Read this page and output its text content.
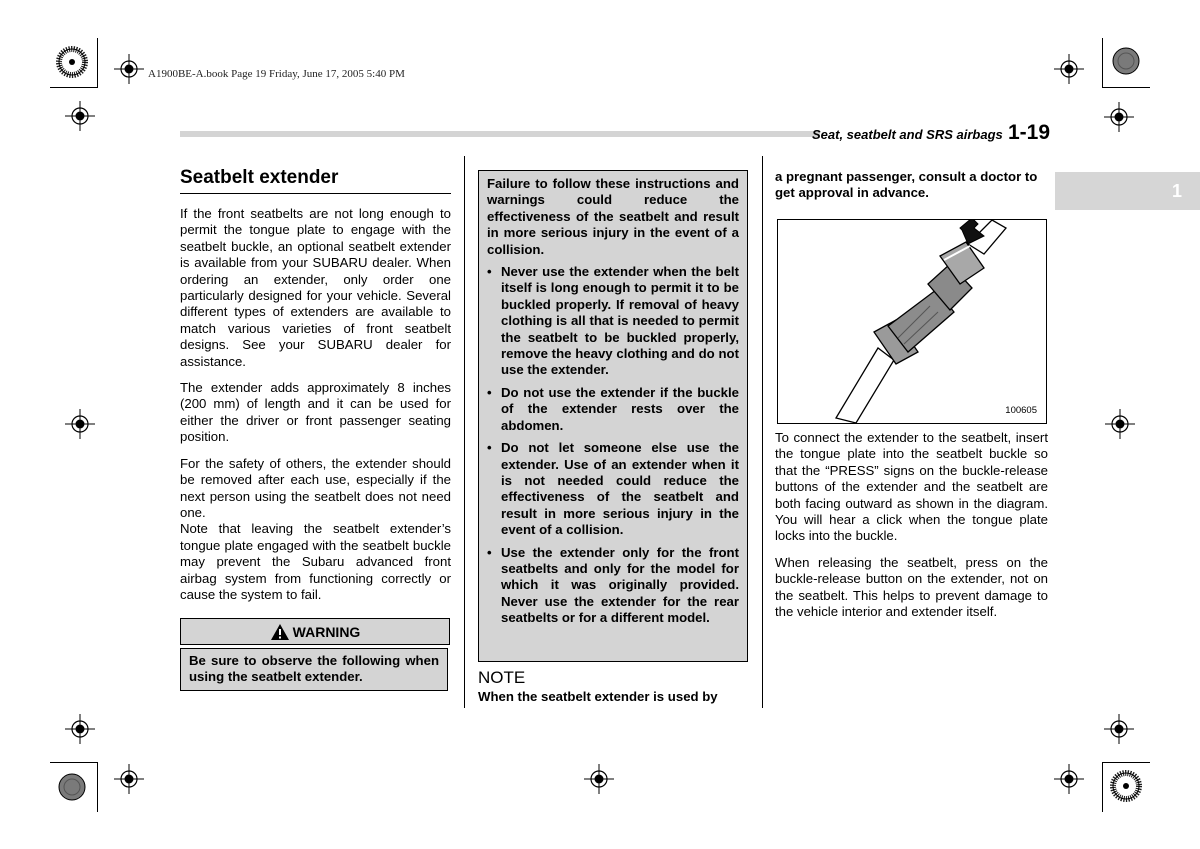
A1900BE-A.book Page 19 Friday, June 17, 2005 5:40 PM
Seat, seatbelt and SRS airbags 1-19
1
Seatbelt extender

If the front seatbelts are not long enough to permit the tongue plate to engage with the seatbelt buckle, an optional seatbelt extender is available from your SUBARU dealer. When ordering an extender, only order one particularly designed for your vehicle. Several different types of extenders are available to match various varieties of front seatbelt designs. See your SUBARU dealer for assistance.

The extender adds approximately 8 inches (200 mm) of length and it can be used for either the driver or front passenger seating position.

For the safety of others, the extender should be removed after each use, especially if the next person using the seatbelt does not need one.

Note that leaving the seatbelt extender’s tongue plate engaged with the seatbelt buckle may prevent the Subaru advanced front airbag system from functioning correctly or cause the system to fail.

WARNING
Be sure to observe the following when using the seatbelt extender.

Failure to follow these instructions and warnings could reduce the effectiveness of the seatbelt and result in more serious injury in the event of a collision.

• Never use the extender when the belt itself is long enough to permit it to be buckled properly. If removal of heavy clothing is all that is needed to permit the seatbelt to be buckled properly, remove the heavy clothing and do not use the extender.
• Do not use the extender if the buckle of the extender rests over the abdomen.
• Do not let someone else use the extender. Use of an extender when it is not needed could reduce the effectiveness of the seatbelt and result in more serious injury in the event of a collision.
• Use the extender only for the front seatbelts and only for the model for which it was originally provided. Never use the extender for the rear seatbelts or for a different model.
NOTE
When the seatbelt extender is used by
a pregnant passenger, consult a doctor to get approval in advance.
100605

To connect the extender to the seatbelt, insert the tongue plate into the seatbelt buckle so that the “PRESS” signs on the buckle-release buttons of the extender and the seatbelt are both facing outward as shown in the diagram. You will hear a click when the tongue plate locks into the buckle.

When releasing the seatbelt, press on the buckle-release button on the extender, not on the seatbelt. This helps to prevent damage to the vehicle interior and extender itself.
